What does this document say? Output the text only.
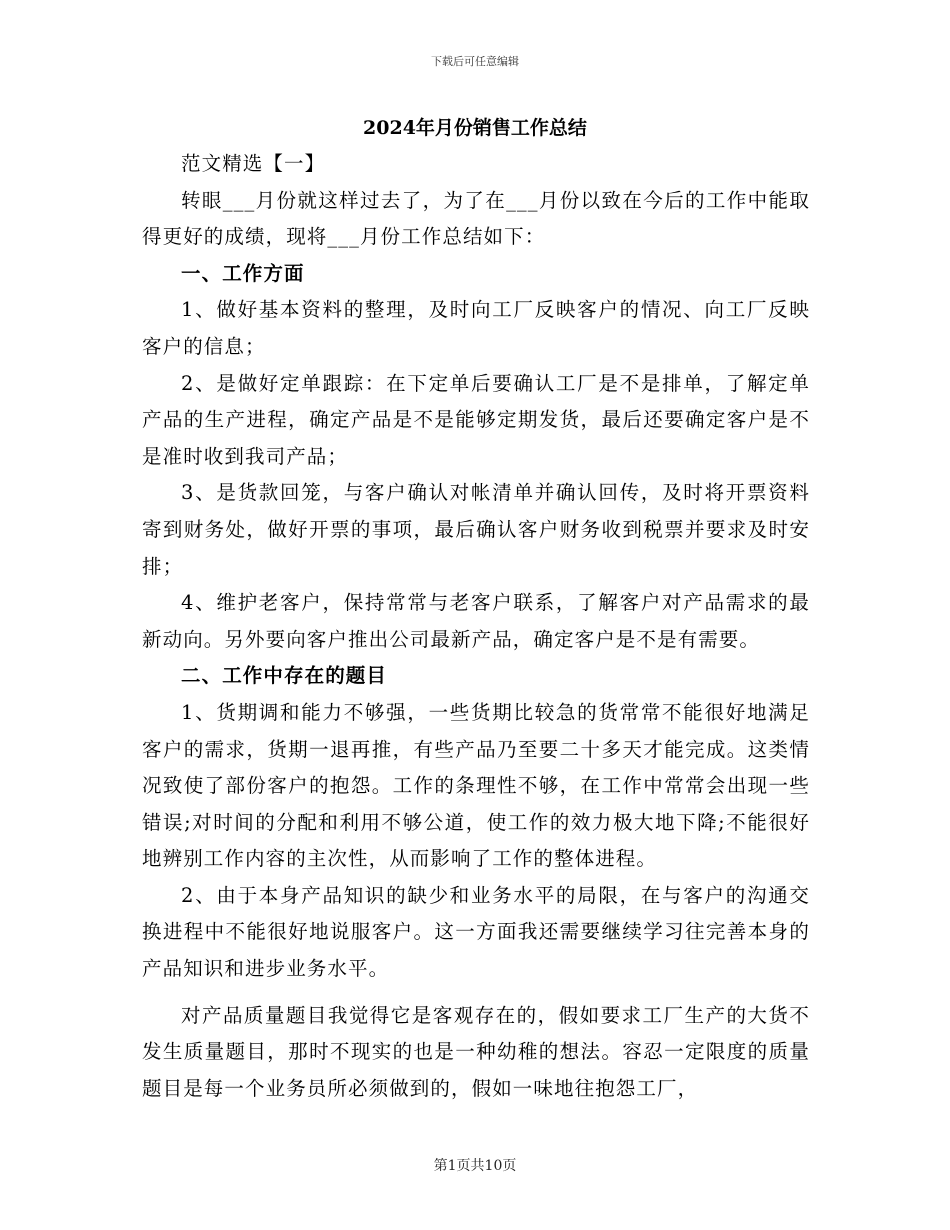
下载后可任意编辑
2024年月份销售工作总结

范文精选【一】

转眼___月份就这样过去了，为了在___月份以致在今后的工作中能取得更好的成绩，现将___月份工作总结如下：

一、工作方面

1、做好基本资料的整理，及时向工厂反映客户的情况、向工厂反映客户的信息；

2、是做好定单跟踪：在下定单后要确认工厂是不是排单，了解定单产品的生产进程，确定产品是不是能够定期发货，最后还要确定客户是不是准时收到我司产品；

3、是货款回笼，与客户确认对帐清单并确认回传，及时将开票资料寄到财务处，做好开票的事项，最后确认客户财务收到税票并要求及时安排；

4、维护老客户，保持常常与老客户联系，了解客户对产品需求的最新动向。另外要向客户推出公司最新产品，确定客户是不是有需要。

二、工作中存在的题目

1、货期调和能力不够强，一些货期比较急的货常常不能很好地满足客户的需求，货期一退再推，有些产品乃至要二十多天才能完成。这类情况致使了部份客户的抱怨。工作的条理性不够，在工作中常常会出现一些错误;对时间的分配和利用不够公道，使工作的效力极大地下降;不能很好地辨别工作内容的主次性，从而影响了工作的整体进程。

2、由于本身产品知识的缺少和业务水平的局限，在与客户的沟通交换进程中不能很好地说服客户。这一方面我还需要继续学习往完善本身的产品知识和进步业务水平。

对产品质量题目我觉得它是客观存在的，假如要求工厂生产的大货不发生质量题目，那时不现实的也是一种幼稚的想法。容忍一定限度的质量题目是每一个业务员所必须做到的，假如一味地往抱怨工厂，

第1页共10页
